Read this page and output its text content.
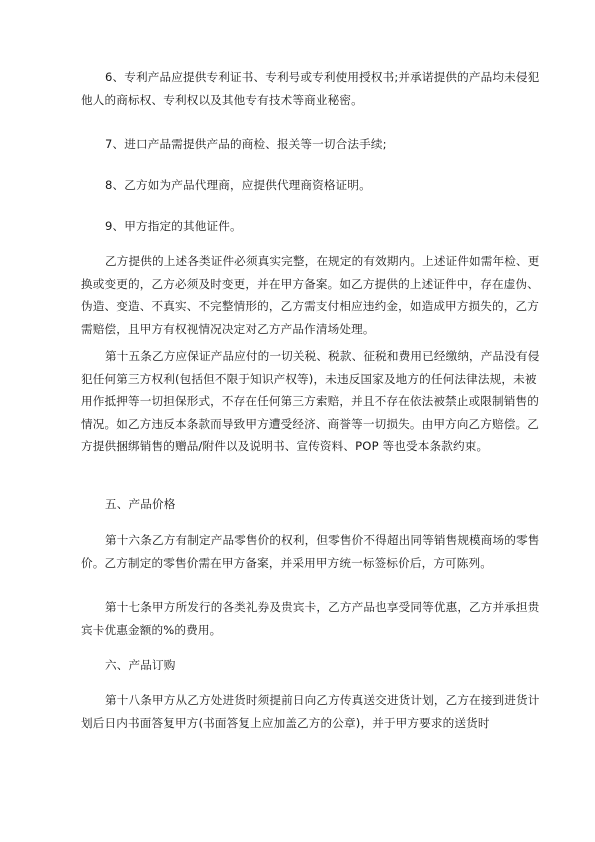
6、专利产品应提供专利证书、专利号或专利使用授权书;并承诺提供的产品均未侵犯他人的商标权、专利权以及其他专有技术等商业秘密。

7、进口产品需提供产品的商检、报关等一切合法手续;

8、乙方如为产品代理商，应提供代理商资格证明。

9、甲方指定的其他证件。

乙方提供的上述各类证件必须真实完整，在规定的有效期内。上述证件如需年检、更换或变更的，乙方必须及时变更，并在甲方备案。如乙方提供的上述证件中，存在虚伪、伪造、变造、不真实、不完整情形的，乙方需支付相应违约金，如造成甲方损失的，乙方需赔偿，且甲方有权视情况决定对乙方产品作清场处理。

第十五条乙方应保证产品应付的一切关税、税款、征税和费用已经缴纳，产品没有侵犯任何第三方权利(包括但不限于知识产权等)，未违反国家及地方的任何法律法规，未被用作抵押等一切担保形式，不存在任何第三方索赔，并且不存在依法被禁止或限制销售的情况。如乙方违反本条款而导致甲方遭受经济、商誉等一切损失。由甲方向乙方赔偿。乙方提供捆绑销售的赠品/附件以及说明书、宣传资料、POP 等也受本条款约束。

五、产品价格

第十六条乙方有制定产品零售价的权利，但零售价不得超出同等销售规模商场的零售价。乙方制定的零售价需在甲方备案，并采用甲方统一标签标价后，方可陈列。

第十七条甲方所发行的各类礼券及贵宾卡，乙方产品也享受同等优惠，乙方并承担贵宾卡优惠金额的%的费用。

六、产品订购

第十八条甲方从乙方处进货时须提前日向乙方传真送交进货计划，乙方在接到进货计划后日内书面答复甲方(书面答复上应加盖乙方的公章)，并于甲方要求的送货时
